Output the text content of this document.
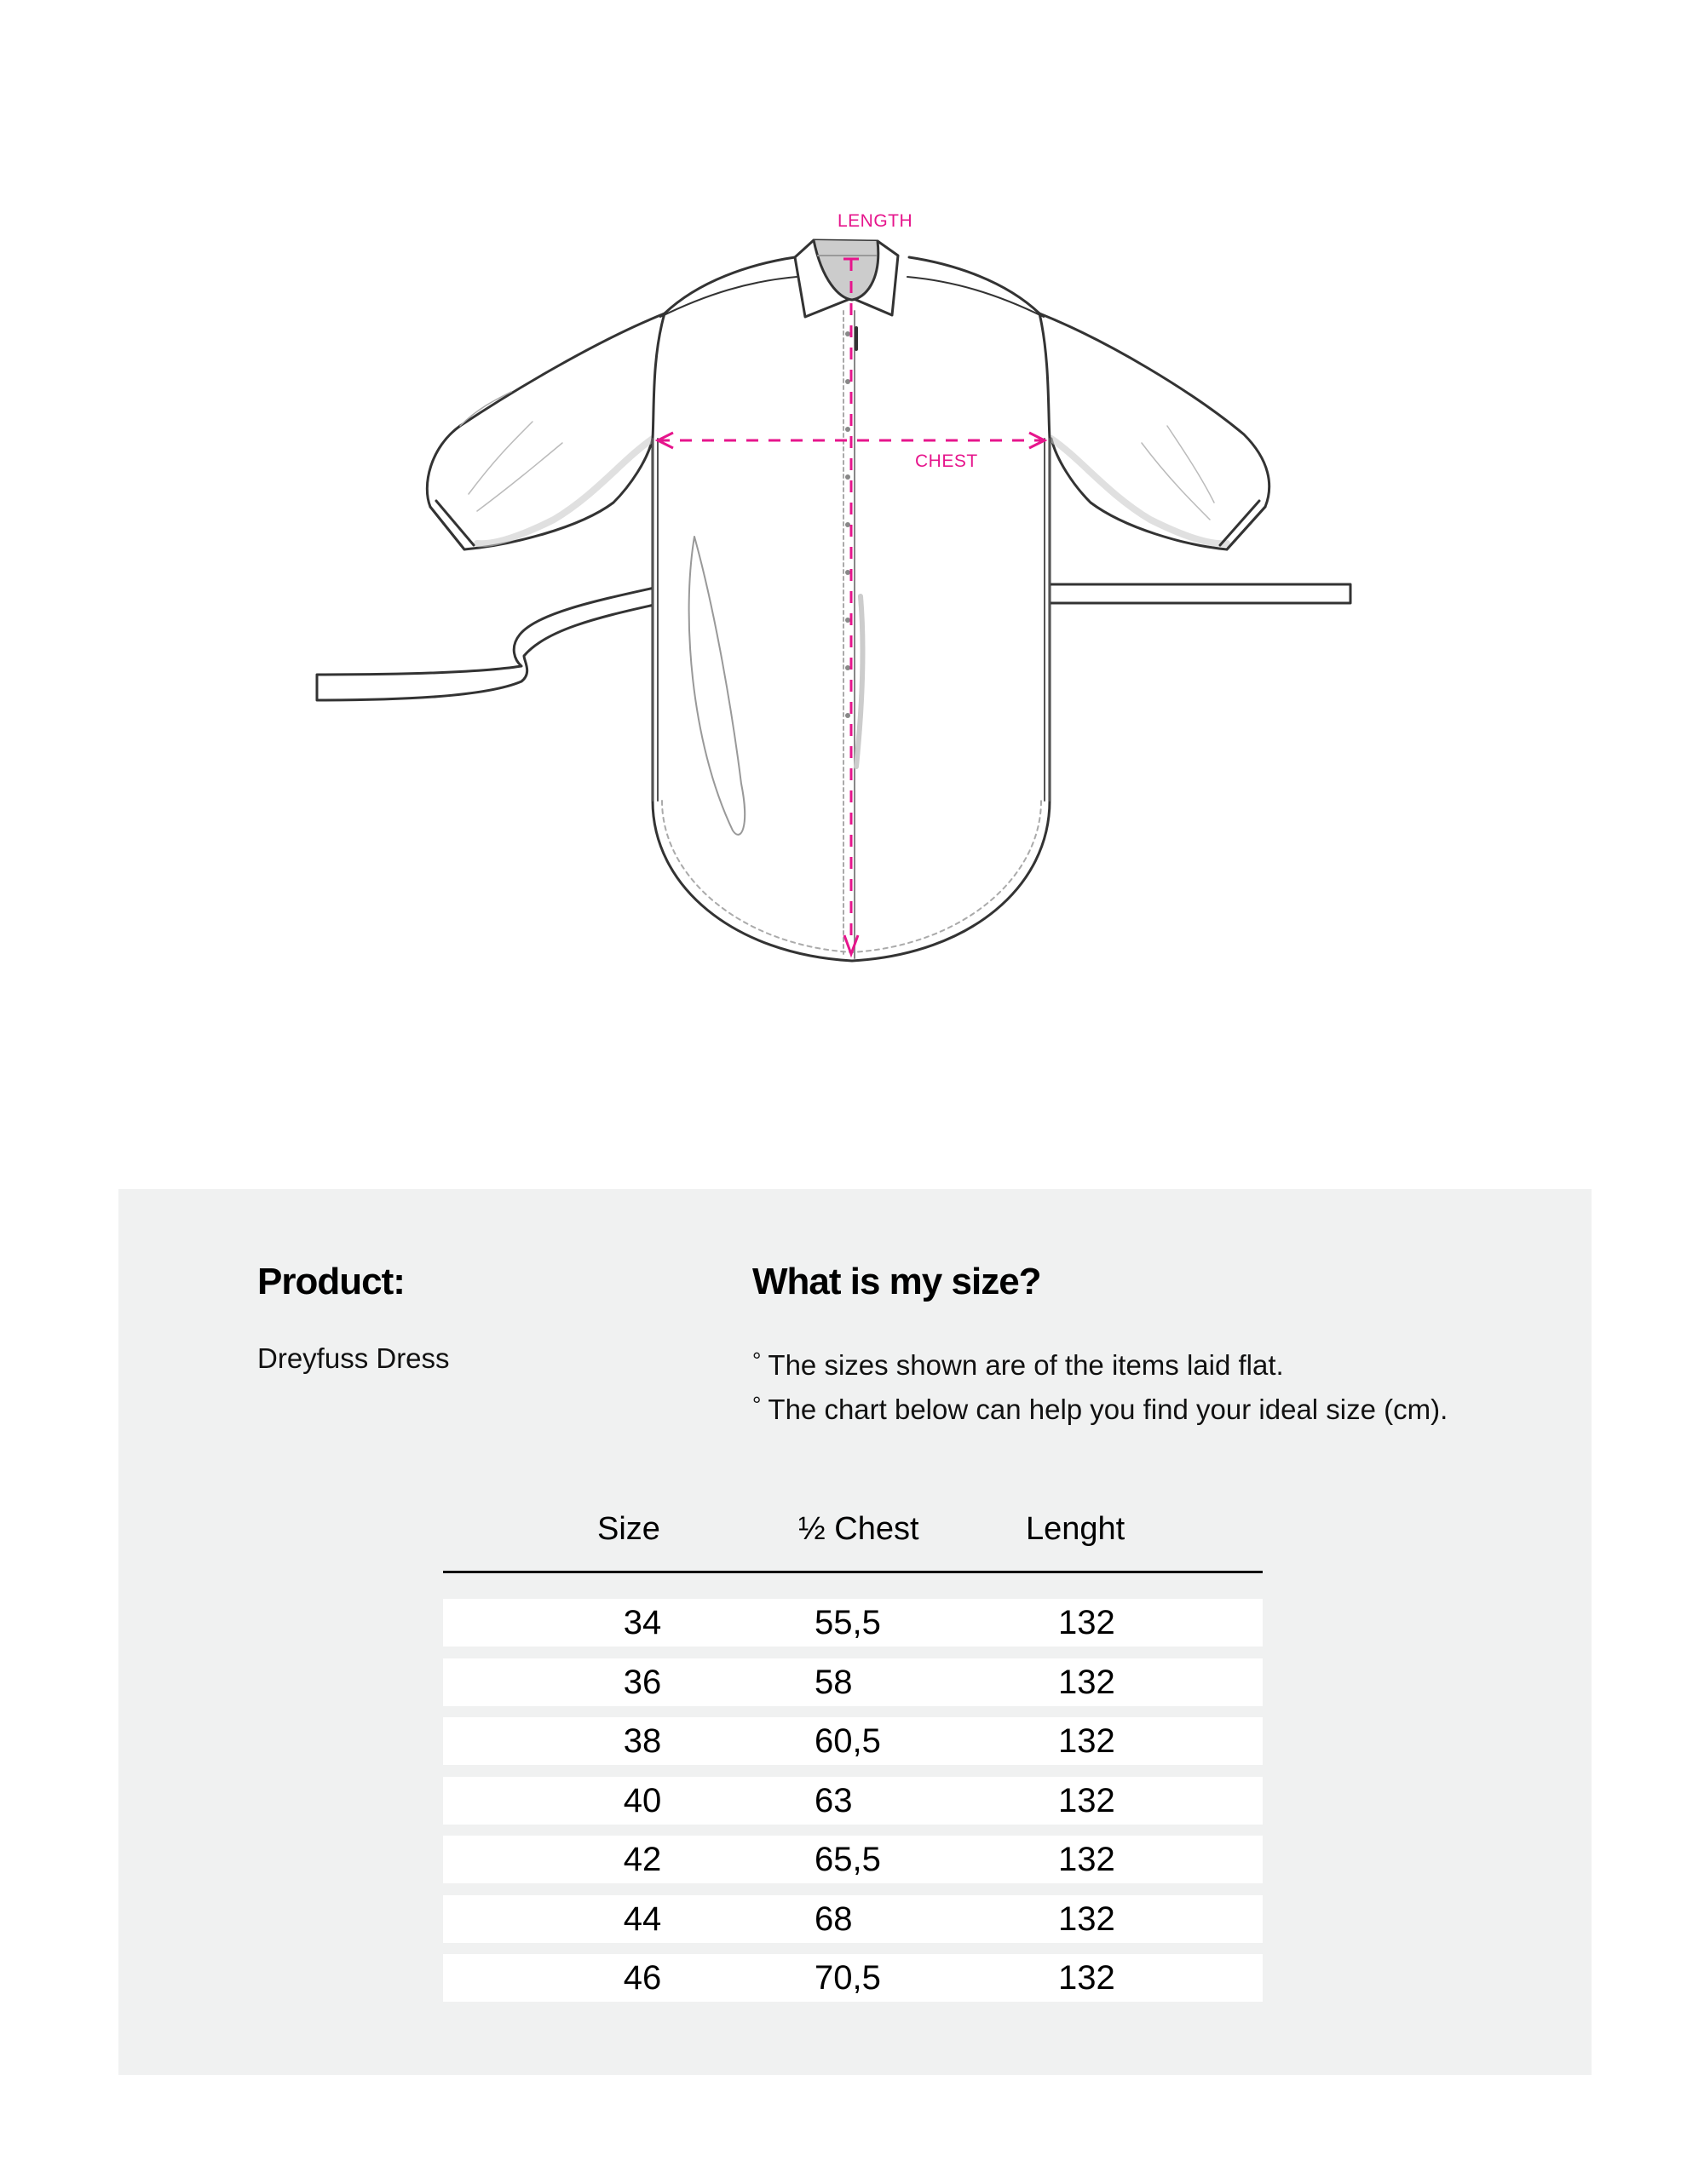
LENGTH
CHEST
Product:
Dreyfuss Dress
What is my size?
° The sizes shown are of the items laid flat.
° The chart below can help you find your ideal size (cm).
Size	½ Chest	Lenght
34	55,5	132
36	58	132
38	60,5	132
40	63	132
42	65,5	132
44	68	132
46	70,5	132
